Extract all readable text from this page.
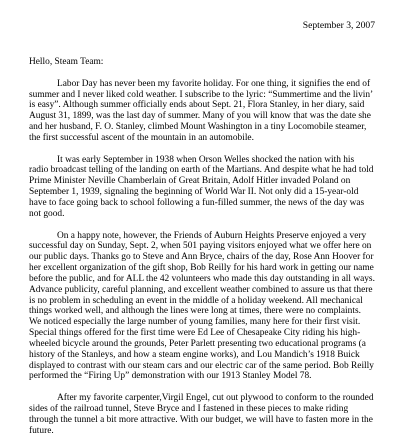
September 3, 2007

Hello, Steam Team:

Labor Day has never been my favorite holiday. For one thing, it signifies the end of summer and I never liked cold weather. I subscribe to the lyric: “Summertime and the livin’ is easy”. Although summer officially ends about Sept. 21, Flora Stanley, in her diary, said August 31, 1899, was the last day of summer. Many of you will know that was the date she and her husband, F. O. Stanley, climbed Mount Washington in a tiny Locomobile steamer, the first successful ascent of the mountain in an automobile.

It was early September in 1938 when Orson Welles shocked the nation with his radio broadcast telling of the landing on earth of the Martians. And despite what he had told Prime Minister Neville Chamberlain of Great Britain, Adolf Hitler invaded Poland on September 1, 1939, signaling the beginning of World War II. Not only did a 15-year-old have to face going back to school following a fun-filled summer, the news of the day was not good.

On a happy note, however, the Friends of Auburn Heights Preserve enjoyed a very successful day on Sunday, Sept. 2, when 501 paying visitors enjoyed what we offer here on our public days. Thanks go to Steve and Ann Bryce, chairs of the day, Rose Ann Hoover for her excellent organization of the gift shop, Bob Reilly for his hard work in getting our name before the public, and for ALL the 42 volunteers who made this day outstanding in all ways. Advance publicity, careful planning, and excellent weather combined to assure us that there is no problem in scheduling an event in the middle of a holiday weekend. All mechanical things worked well, and although the lines were long at times, there were no complaints. We noticed especially the large number of young families, many here for their first visit. Special things offered for the first time were Ed Lee of Chesapeake City riding his high-wheeled bicycle around the grounds, Peter Parlett presenting two educational programs (a history of the Stanleys, and how a steam engine works), and Lou Mandich’s 1918 Buick displayed to contrast with our steam cars and our electric car of the same period. Bob Reilly performed the “Firing Up” demonstration with our 1913 Stanley Model 78.

After my favorite carpenter,Virgil Engel, cut out plywood to conform to the rounded sides of the railroad tunnel, Steve Bryce and I fastened in these pieces to make riding through the tunnel a bit more attractive. With our budget, we will have to fasten more in the future.
